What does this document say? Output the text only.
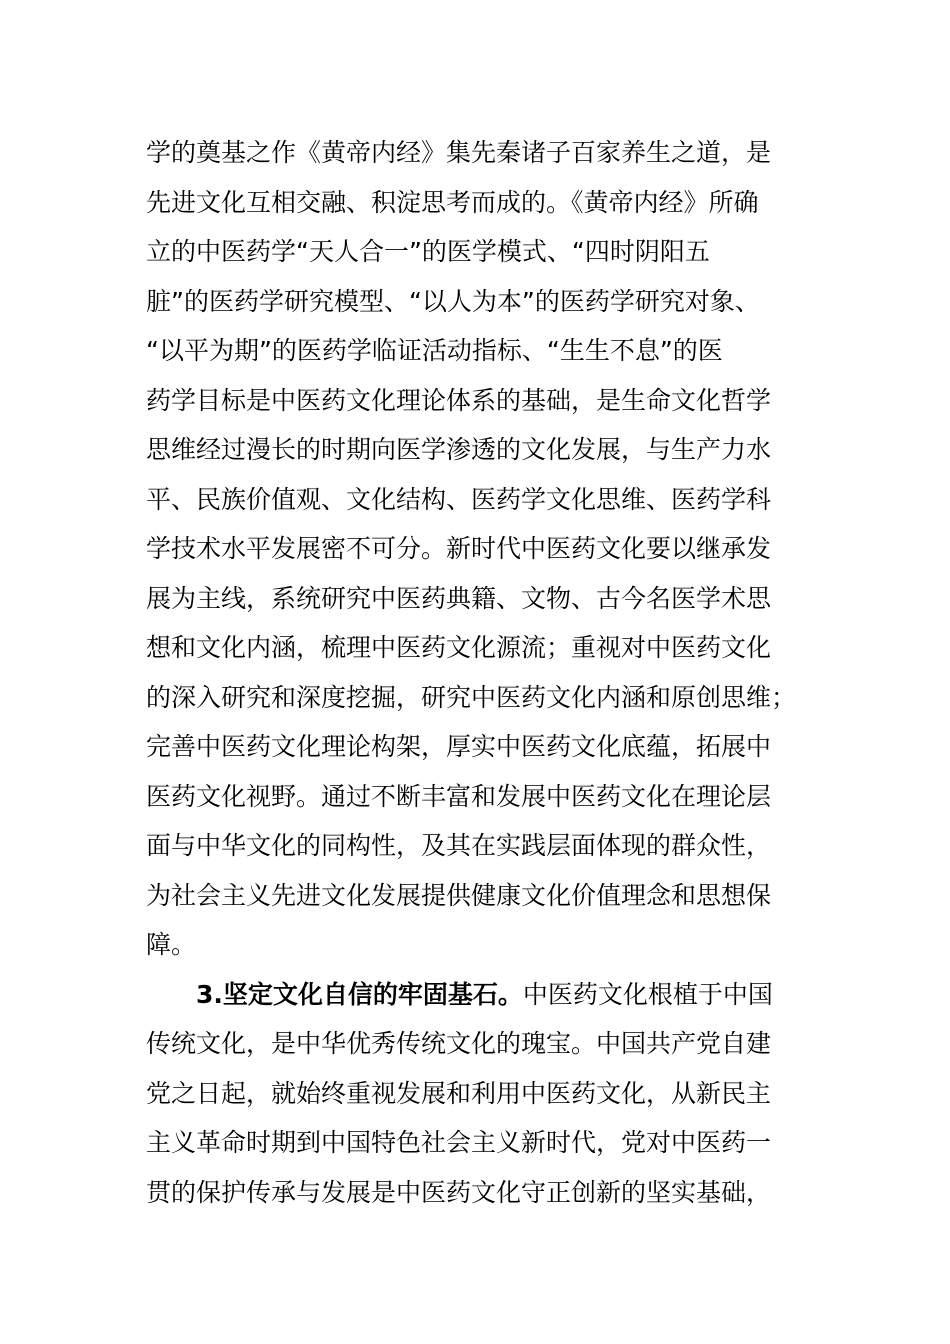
学的奠基之作《黄帝内经》集先秦诸子百家养生之道，是
先进文化互相交融、积淀思考而成的。《黄帝内经》所确
立的中医药学“天人合一”的医学模式、“四时阴阳五
脏”的医药学研究模型、“以人为本”的医药学研究对象、
“以平为期”的医药学临证活动指标、“生生不息”的医
药学目标是中医药文化理论体系的基础，是生命文化哲学
思维经过漫长的时期向医学渗透的文化发展，与生产力水
平、民族价值观、文化结构、医药学文化思维、医药学科
学技术水平发展密不可分。新时代中医药文化要以继承发
展为主线，系统研究中医药典籍、文物、古今名医学术思
想和文化内涵，梳理中医药文化源流；重视对中医药文化
的深入研究和深度挖掘，研究中医药文化内涵和原创思维；
完善中医药文化理论构架，厚实中医药文化底蕴，拓展中
医药文化视野。通过不断丰富和发展中医药文化在理论层
面与中华文化的同构性，及其在实践层面体现的群众性，
为社会主义先进文化发展提供健康文化价值理念和思想保
障。
3.坚定文化自信的牢固基石。中医药文化根植于中国
传统文化，是中华优秀传统文化的瑰宝。中国共产党自建
党之日起，就始终重视发展和利用中医药文化，从新民主
主义革命时期到中国特色社会主义新时代，党对中医药一
贯的保护传承与发展是中医药文化守正创新的坚实基础，
